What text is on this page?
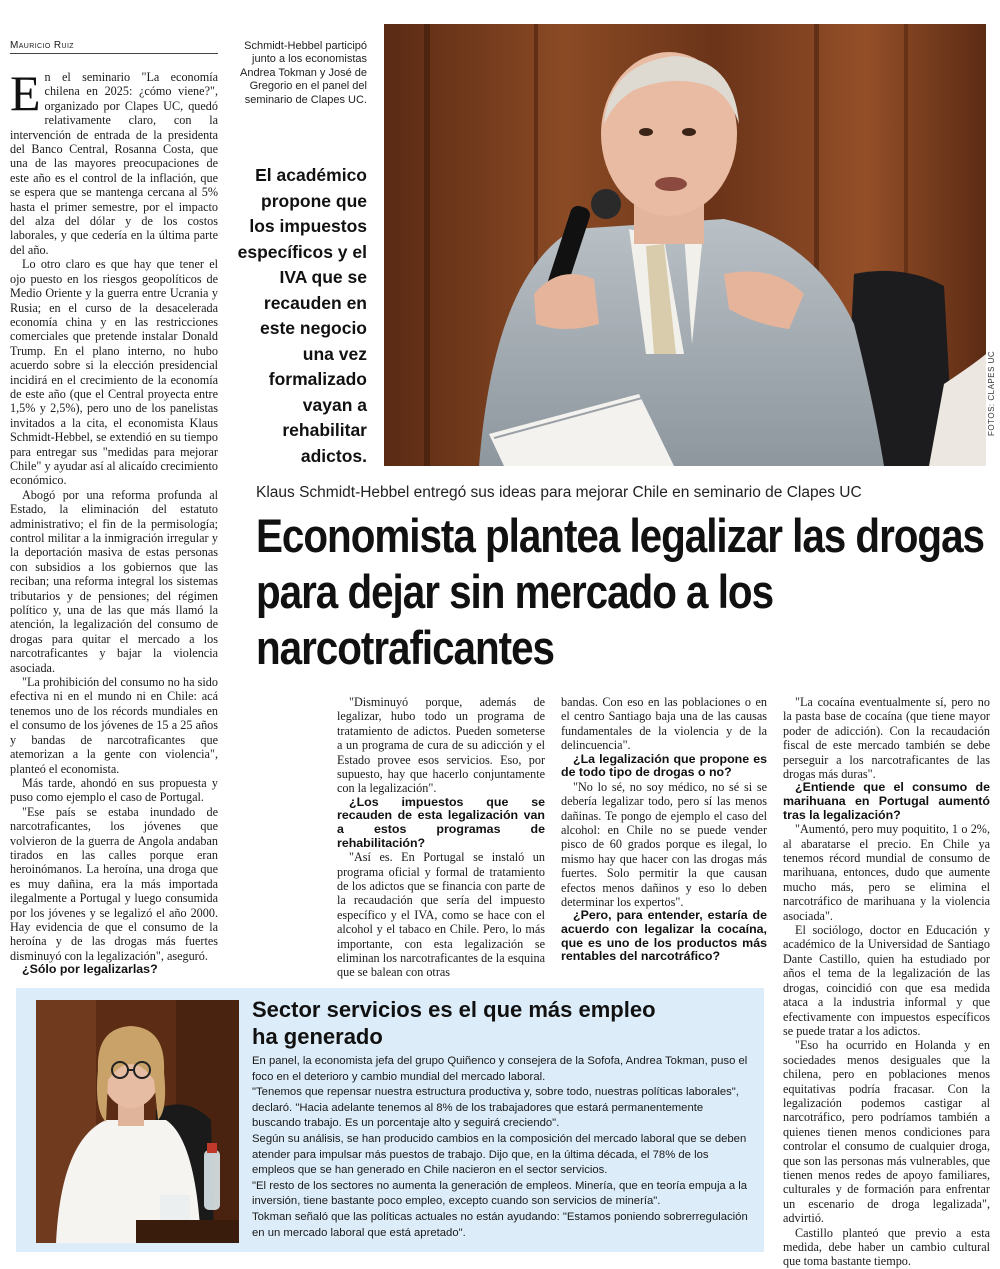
Mauricio Ruiz
E n el seminario "La economía chilena en 2025: ¿cómo viene?", organizado por Clapes UC, quedó relativamente claro, con la intervención de entrada de la presidenta del Banco Central, Rosanna Costa, que una de las mayores preocupaciones de este año es el control de la inflación, que se espera que se mantenga cercana al 5% hasta el primer semestre, por el impacto del alza del dólar y de los costos laborales, y que cedería en la última parte del año.

Lo otro claro es que hay que tener el ojo puesto en los riesgos geopolíticos de Medio Oriente y la guerra entre Ucrania y Rusia; en el curso de la desacelerada economía china y en las restricciones comerciales que pretende instalar Donald Trump. En el plano interno, no hubo acuerdo sobre si la elección presidencial incidirá en el crecimiento de la economía de este año (que el Central proyecta entre 1,5% y 2,5%), pero uno de los panelistas invitados a la cita, el economista Klaus Schmidt-Hebbel, se extendió en su tiempo para entregar sus "medidas para mejorar Chile" y ayudar así al alicaído crecimiento económico.

Abogó por una reforma profunda al Estado, la eliminación del estatuto administrativo; el fin de la permisología; control militar a la inmigración irregular y la deportación masiva de estas personas con subsidios a los gobiernos que las reciban; una reforma integral los sistemas tributarios y de pensiones; del régimen político y, una de las que más llamó la atención, la legalización del consumo de drogas para quitar el mercado a los narcotraficantes y bajar la violencia asociada.

"La prohibición del consumo no ha sido efectiva ni en el mundo ni en Chile: acá tenemos uno de los récords mundiales en el consumo de los jóvenes de 15 a 25 años y bandas de narcotraficantes que atemorizan a la gente con violencia", planteó el economista.

Más tarde, ahondó en sus propuesta y puso como ejemplo el caso de Portugal.

"Ese país se estaba inundado de narcotraficantes, los jóvenes que volvieron de la guerra de Angola andaban tirados en las calles porque eran heroinómanos. La heroína, una droga que es muy dañina, era la más importada ilegalmente a Portugal y luego consumida por los jóvenes y se legalizó el año 2000. Hay evidencia de que el consumo de la heroína y de las drogas más fuertes disminuyó con la legalización", aseguró.

¿Sólo por legalizarlas?

Schmidt-Hebbel participó junto a los economistas Andrea Tokman y José de Gregorio en el panel del seminario de Clapes UC.
El académico propone que los impuestos específicos y el IVA que se recauden en este negocio una vez formalizado vayan a rehabilitar adictos.
FOTOS: CLAPES UC
Klaus Schmidt-Hebbel entregó sus ideas para mejorar Chile en seminario de Clapes UC
Economista plantea legalizar las drogas para dejar sin mercado a los narcotraficantes

"Disminuyó porque, además de legalizar, hubo todo un programa de tratamiento de adictos. Pueden someterse a un programa de cura de su adicción y el Estado provee esos servicios. Eso, por supuesto, hay que hacerlo conjuntamente con la legalización".

¿Los impuestos que se recauden de esta legalización van a estos programas de rehabilitación?

"Así es. En Portugal se instaló un programa oficial y formal de tratamiento de los adictos que se financia con parte de la recaudación que sería del impuesto específico y el IVA, como se hace con el alcohol y el tabaco en Chile. Pero, lo más importante, con esta legalización se eliminan los narcotraficantes de la esquina que se balean con otras

bandas. Con eso en las poblaciones o en el centro Santiago baja una de las causas fundamentales de la violencia y de la delincuencia".

¿La legalización que propone es de todo tipo de drogas o no?

"No lo sé, no soy médico, no sé si se debería legalizar todo, pero sí las menos dañinas. Te pongo de ejemplo el caso del alcohol: en Chile no se puede vender pisco de 60 grados porque es ilegal, lo mismo hay que hacer con las drogas más fuertes. Solo permitir la que causan efectos menos dañinos y eso lo deben determinar los expertos".

¿Pero, para entender, estaría de acuerdo con legalizar la cocaína, que es uno de los productos más rentables del narcotráfico?

"La cocaína eventualmente sí, pero no la pasta base de cocaína (que tiene mayor poder de adicción). Con la recaudación fiscal de este mercado también se debe perseguir a los narcotraficantes de las drogas más duras".

¿Entiende que el consumo de marihuana en Portugal aumentó tras la legalización?

"Aumentó, pero muy poquitito, 1 o 2%, al abaratarse el precio. En Chile ya tenemos récord mundial de consumo de marihuana, entonces, dudo que aumente mucho más, pero se elimina el narcotráfico de marihuana y la violencia asociada".

El sociólogo, doctor en Educación y académico de la Universidad de Santiago Dante Castillo, quien ha estudiado por años el tema de la legalización de las drogas, coincidió con que esa medida ataca a la industria informal y que efectivamente con impuestos específicos se puede tratar a los adictos.

"Eso ha ocurrido en Holanda y en sociedades menos desiguales que la chilena, pero en poblaciones menos equitativas podría fracasar. Con la legalización podemos castigar al narcotráfico, pero podríamos también a quienes tienen menos condiciones para controlar el consumo de cualquier droga, que son las personas más vulnerables, que tienen menos redes de apoyo familiares, culturales y de formación para enfrentar un escenario de droga legalizada", advirtió.

Castillo planteó que previo a esta medida, debe haber un cambio cultural que toma bastante tiempo.

Sector servicios es el que más empleo ha generado

En panel, la economista jefa del grupo Quiñenco y consejera de la Sofofa, Andrea Tokman, puso el foco en el deterioro y cambio mundial del mercado laboral.

"Tenemos que repensar nuestra estructura productiva y, sobre todo, nuestras políticas laborales", declaró. "Hacia adelante tenemos al 8% de los trabajadores que estará permanentemente buscando trabajo. Es un porcentaje alto y seguirá creciendo".

Según su análisis, se han producido cambios en la composición del mercado laboral que se deben atender para impulsar más puestos de trabajo. Dijo que, en la última década, el 78% de los empleos que se han generado en Chile nacieron en el sector servicios.

"El resto de los sectores no aumenta la generación de empleos. Minería, que en teoría empuja a la inversión, tiene bastante poco empleo, excepto cuando son servicios de minería".

Tokman señaló que las políticas actuales no están ayudando: "Estamos poniendo sobrerregulación en un mercado laboral que está apretado".
